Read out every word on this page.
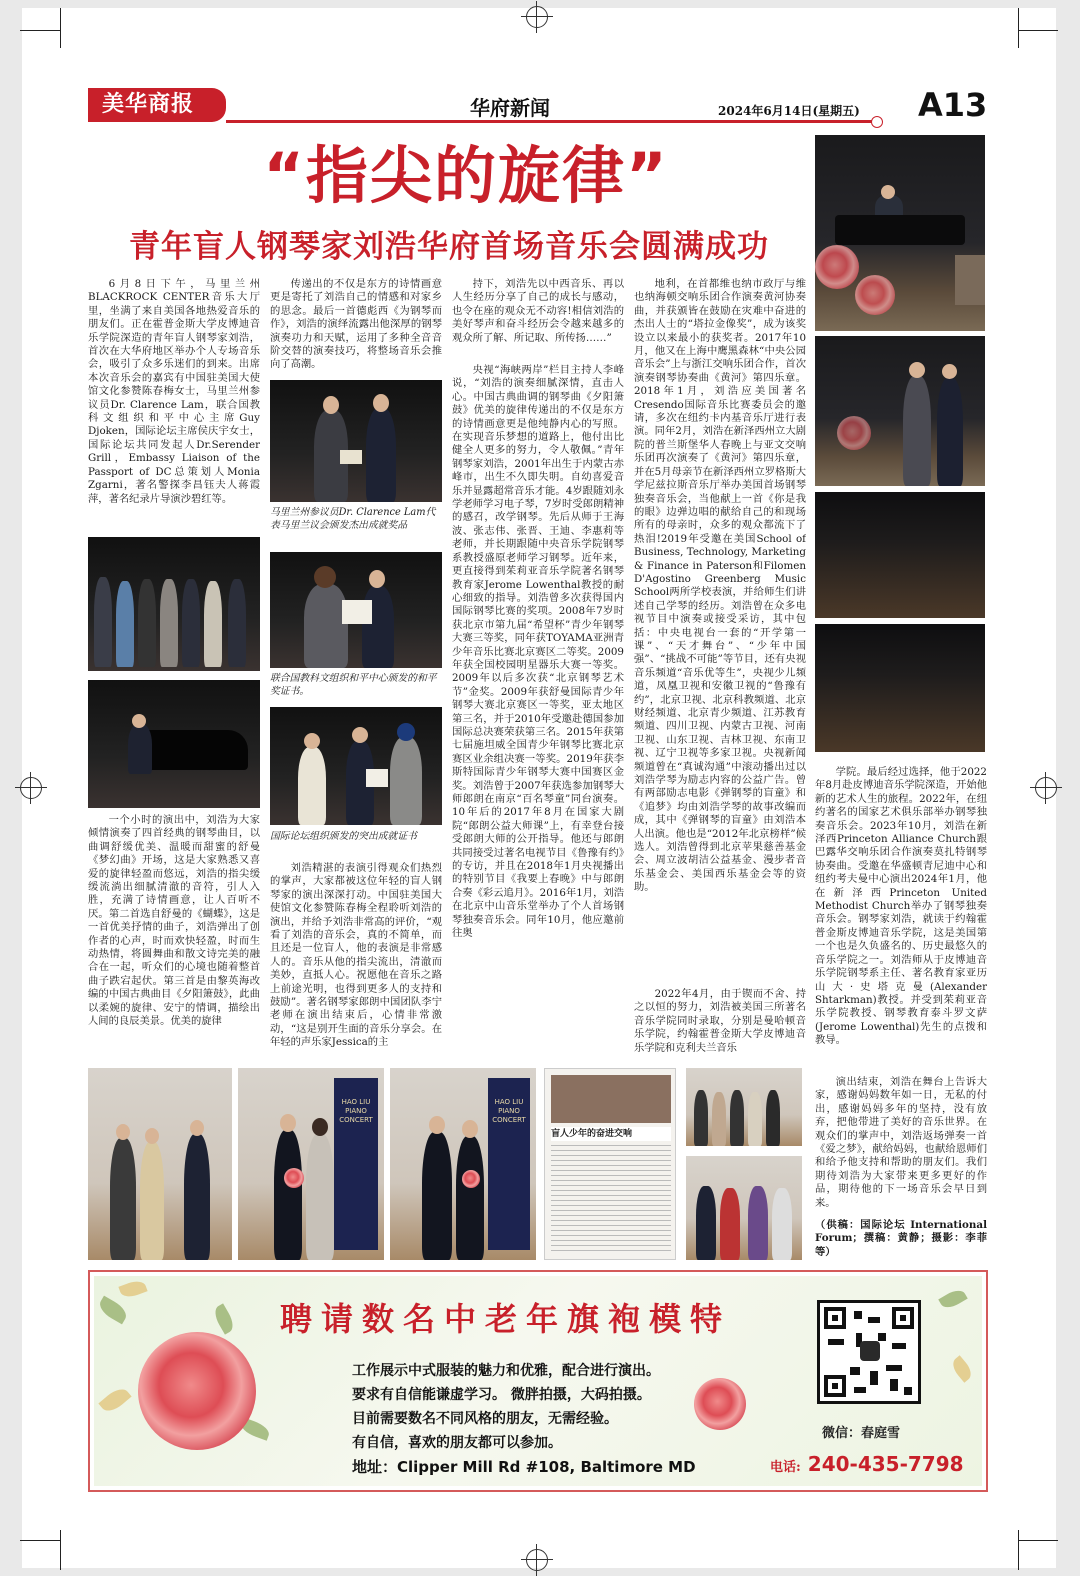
美华商报	华府新闻	2024年6月14日(星期五) A13
“指尖的旋律”
青年盲人钢琴家刘浩华府首场音乐会圆满成功

6月8日下午，马里兰州BLACKROCK CENTER音乐大厅里，坐满了来自美国各地热爱音乐的朋友们。正在霍普金斯大学皮博迪音乐学院深造的青年盲人钢琴家刘浩，首次在大华府地区举办个人专场音乐会，吸引了众多乐迷们的到来。出席本次音乐会的嘉宾有中国驻美国大使馆文化参赞陈春梅女士，马里兰州参议员Dr. Clarence Lam，联合国教科文组织和平中心主席Guy Djoken，国际论坛主席侯庆宇女士，国际论坛共同发起人Dr.Serender Grill，Embassy Liaison of the Passport of DC总策划人Monia Zgarni，著名警探李昌钰夫人蒋霞萍，著名纪录片导演沙碧红等。

一个小时的演出中，刘浩为大家倾情演奏了四首经典的钢琴曲目，以曲调舒缓优美、温暖而甜蜜的舒曼《梦幻曲》开场，这是大家熟悉又喜爱的旋律轻盈而悠远，刘浩的指尖缓缓流淌出细腻清澈的音符，引人入胜，充满了诗情画意，让人百听不厌。第二首选自舒曼的《蝴蝶》，这是一首优美抒情的曲子，刘浩弹出了创作者的心声，时而欢快轻盈，时而生动热情，将圆舞曲和散文诗完美的融合在一起，听众们的心境也随着整首曲子跌宕起伏。第三首是由黎英海改编的中国古典曲目《夕阳箫鼓》，此曲以柔婉的旋律、安宁的情调，描绘出人间的良辰美景。优美的旋律

传递出的不仅是东方的诗情画意更是寄托了刘浩自己的情感和对家乡的思念。最后一首德彪西《为钢琴而作》，刘浩的演绎流露出他深厚的钢琴演奏功力和天赋，运用了多种全音音阶交替的演奏技巧，将整场音乐会推向了高潮。

马里兰州参议员Dr. Clarence Lam代表马里兰议会颁发杰出成就奖品
联合国教科文组织和平中心颁发的和平奖证书。
国际论坛组织颁发的突出成就证书

刘浩精湛的表演引得观众们热烈的掌声，大家都被这位年轻的盲人钢琴家的演出深深打动。中国驻美国大使馆文化参赞陈春梅全程聆听刘浩的演出，并给予刘浩非常高的评价，“观看了刘浩的音乐会，真的不简单，而且还是一位盲人，他的表演是非常感人的。音乐从他的指尖流出，清澈而美妙，直抵人心。祝愿他在音乐之路上前途光明，也得到更多人的支持和鼓励”。著名钢琴家郎朗中国团队李宁老师在演出结束后，心情非常激动，“这是别开生面的音乐分享会。在年轻的声乐家Jessica的主

持下，刘浩先以中西音乐、再以人生经历分享了自己的成长与感动，也令在座的观众无不动容!相信刘浩的美好琴声和奋斗经历会令越来越多的观众所了解、所记取、所传扬……”

央视“海峡两岸”栏目主持人李峰说，“刘浩的演奏细腻深情，直击人心。中国古典曲调的钢琴曲《夕阳箫鼓》优美的旋律传递出的不仅是东方的诗情画意更是他纯静内心的写照。在实现音乐梦想的道路上，他付出比健全人更多的努力，令人敬佩。”青年钢琴家刘浩，2001年出生于内蒙古赤峰市，出生不久即失明。自幼喜爱音乐并显露超常音乐才能。4岁跟随刘永学老师学习电子琴，7岁时受郎朗精神的感召，改学钢琴。先后从师于王海波、张志伟、张晋、王迪、李惠莉等老师，并长期跟随中央音乐学院钢琴系教授盛原老师学习钢琴。近年来，更直接得到茱莉亚音乐学院著名钢琴教育家Jerome Lowenthal教授的耐心细致的指导。刘浩曾多次获得国内国际钢琴比赛的奖项。2008年7岁时获北京市第九届“希望杯”青少年钢琴大赛三等奖，同年获TOYAMA亚洲青少年音乐比赛北京赛区二等奖。2009年获全国校园明星器乐大赛一等奖。2009年以后多次获“北京钢琴艺术节”金奖。2009年获舒曼国际青少年钢琴大赛北京赛区一等奖，亚太地区第三名，并于2010年受邀赴德国参加国际总决赛荣获第三名。2015年获第七届施坦威全国青少年钢琴比赛北京赛区业余组决赛一等奖。2019年获李斯特国际青少年钢琴大赛中国赛区金奖。刘浩曾于2007年获选参加钢琴大师郎朗在南京“百名琴童”同台演奏。10年后的2017年8月在国家大剧院“郎朗公益大师课”上，有幸登台接受郎朗大师的公开指导。他还与郎朗共同接受过著名电视节目《鲁豫有约》的专访，并且在2018年1月央视播出的特别节目《我要上春晚》中与郎朗合奏《彩云追月》。2016年1月，刘浩在北京中山音乐堂举办了个人首场钢琴独奏音乐会。同年10月，他应邀前往奥

地利，在首都维也纳市政厅与维也纳海顿交响乐团合作演奏黄河协奏曲，并获颁皆在鼓励在灾难中奋进的杰出人士的“塔拉金像奖”，成为该奖设立以来最小的获奖者。2017年10月，他又在上海中鹰黑森林“中央公园音乐会”上与浙江交响乐团合作，首次演奏钢琴协奏曲《黄河》第四乐章。2018年1月，刘浩应美国著名Cresendo国际音乐比赛委员会的邀请，多次在纽约卡内基音乐厅进行表演。同年2月，刘浩在新泽西州立大剧院的普兰斯堡华人春晚上与亚文交响乐团再次演奏了《黄河》第四乐章，并在5月母亲节在新泽西州立罗格斯大学尼兹拉斯音乐厅举办美国首场钢琴独奏音乐会，当他献上一首《你是我的眼》边弹边唱的献给自己的和现场所有的母亲时，众多的观众都流下了热泪!2019年受邀在美国School of Business, Technology, Marketing & Finance in Paterson和Filomen D'Agostino Greenberg Music School两所学校表演，并给师生们讲述自己学琴的经历。刘浩曾在众多电视节目中演奏或接受采访，其中包括：中央电视台一套的“开学第一课”、“天才舞台”、“少年中国强”、“挑战不可能”等节目，还有央视音乐频道“音乐优等生”，央视少儿频道，凤凰卫视和安徽卫视的“鲁豫有约”，北京卫视、北京科教频道、北京财经频道、北京青少频道、江苏教育频道、四川卫视、内蒙古卫视、河南卫视、山东卫视、吉林卫视、东南卫视、辽宁卫视等多家卫视。央视新闻频道曾在“真诚沟通”中滚动播出过以刘浩学琴为励志内容的公益广告。曾有两部励志电影《弹钢琴的盲童》和《追梦》均由刘浩学琴的故事改编而成，其中《弹钢琴的盲童》由刘浩本人出演。他也是“2012年北京榜样”候选人。刘浩曾得到北京苹果慈善基金会、周立波胡洁公益基金、漫步者音乐基金会、美国西乐基金会等的资助。

2022年4月，由于锲而不舍、持之以恒的努力，刘浩被美国三所著名音乐学院同时录取，分别是曼哈顿音乐学院，约翰霍普金斯大学皮博迪音乐学院和克利夫兰音乐

学院。最后经过选择，他于2022年8月赴皮博迪音乐学院深造，开始他新的艺术人生的旅程。2022年，在纽约著名的国家艺术俱乐部举办钢琴独奏音乐会。2023年10月，刘浩在新泽西Princeton Alliance Church跟巴露华交响乐团合作演奏莫扎特钢琴协奏曲。受邀在华盛顿青尼迪中心和纽约考夫曼中心演出2024年1月，他在新泽西Princeton United Methodist Church举办了钢琴独奏音乐会。钢琴家刘浩，就读于约翰霍普金斯皮博迪音乐学院，这是美国第一个也是久负盛名的、历史最悠久的音乐学院之一。刘浩师从于皮博迪音乐学院钢琴系主任、著名教育家亚历山大·史塔克曼(Alexander Shtarkman)教授。并受到茱莉亚音乐学院教授、钢琴教育泰斗罗文萨(Jerome Lowenthal)先生的点拨和教导。

演出结束，刘浩在舞台上告诉大家，感谢妈妈数年如一日，无私的付出，感谢妈妈多年的坚持，没有放弃，把他带进了美好的音乐世界。在观众们的掌声中，刘浩返场弹奏一首《爱之梦》，献给妈妈，也献给恩师们和给予他支持和帮助的朋友们。我们期待刘浩为大家带来更多更好的作品，期待他的下一场音乐会早日到来。

（供稿：国际论坛 International Forum；撰稿：黄静；摄影：李菲等）
HAO LIU PIANO CONCERT
HAO LIU PIANO CONCERT
盲人少年的奋进交响
聘请数名中老年旗袍模特
工作展示中式服装的魅力和优雅，配合进行演出。
要求有自信能谦虚学习。 微胖拍摄，大码拍摄。
目前需要数名不同风格的朋友，无需经验。
有自信，喜欢的朋友都可以参加。
地址：Clipper Mill Rd #108, Baltimore MD
微信：春庭雪
电话: 240-435-7798
